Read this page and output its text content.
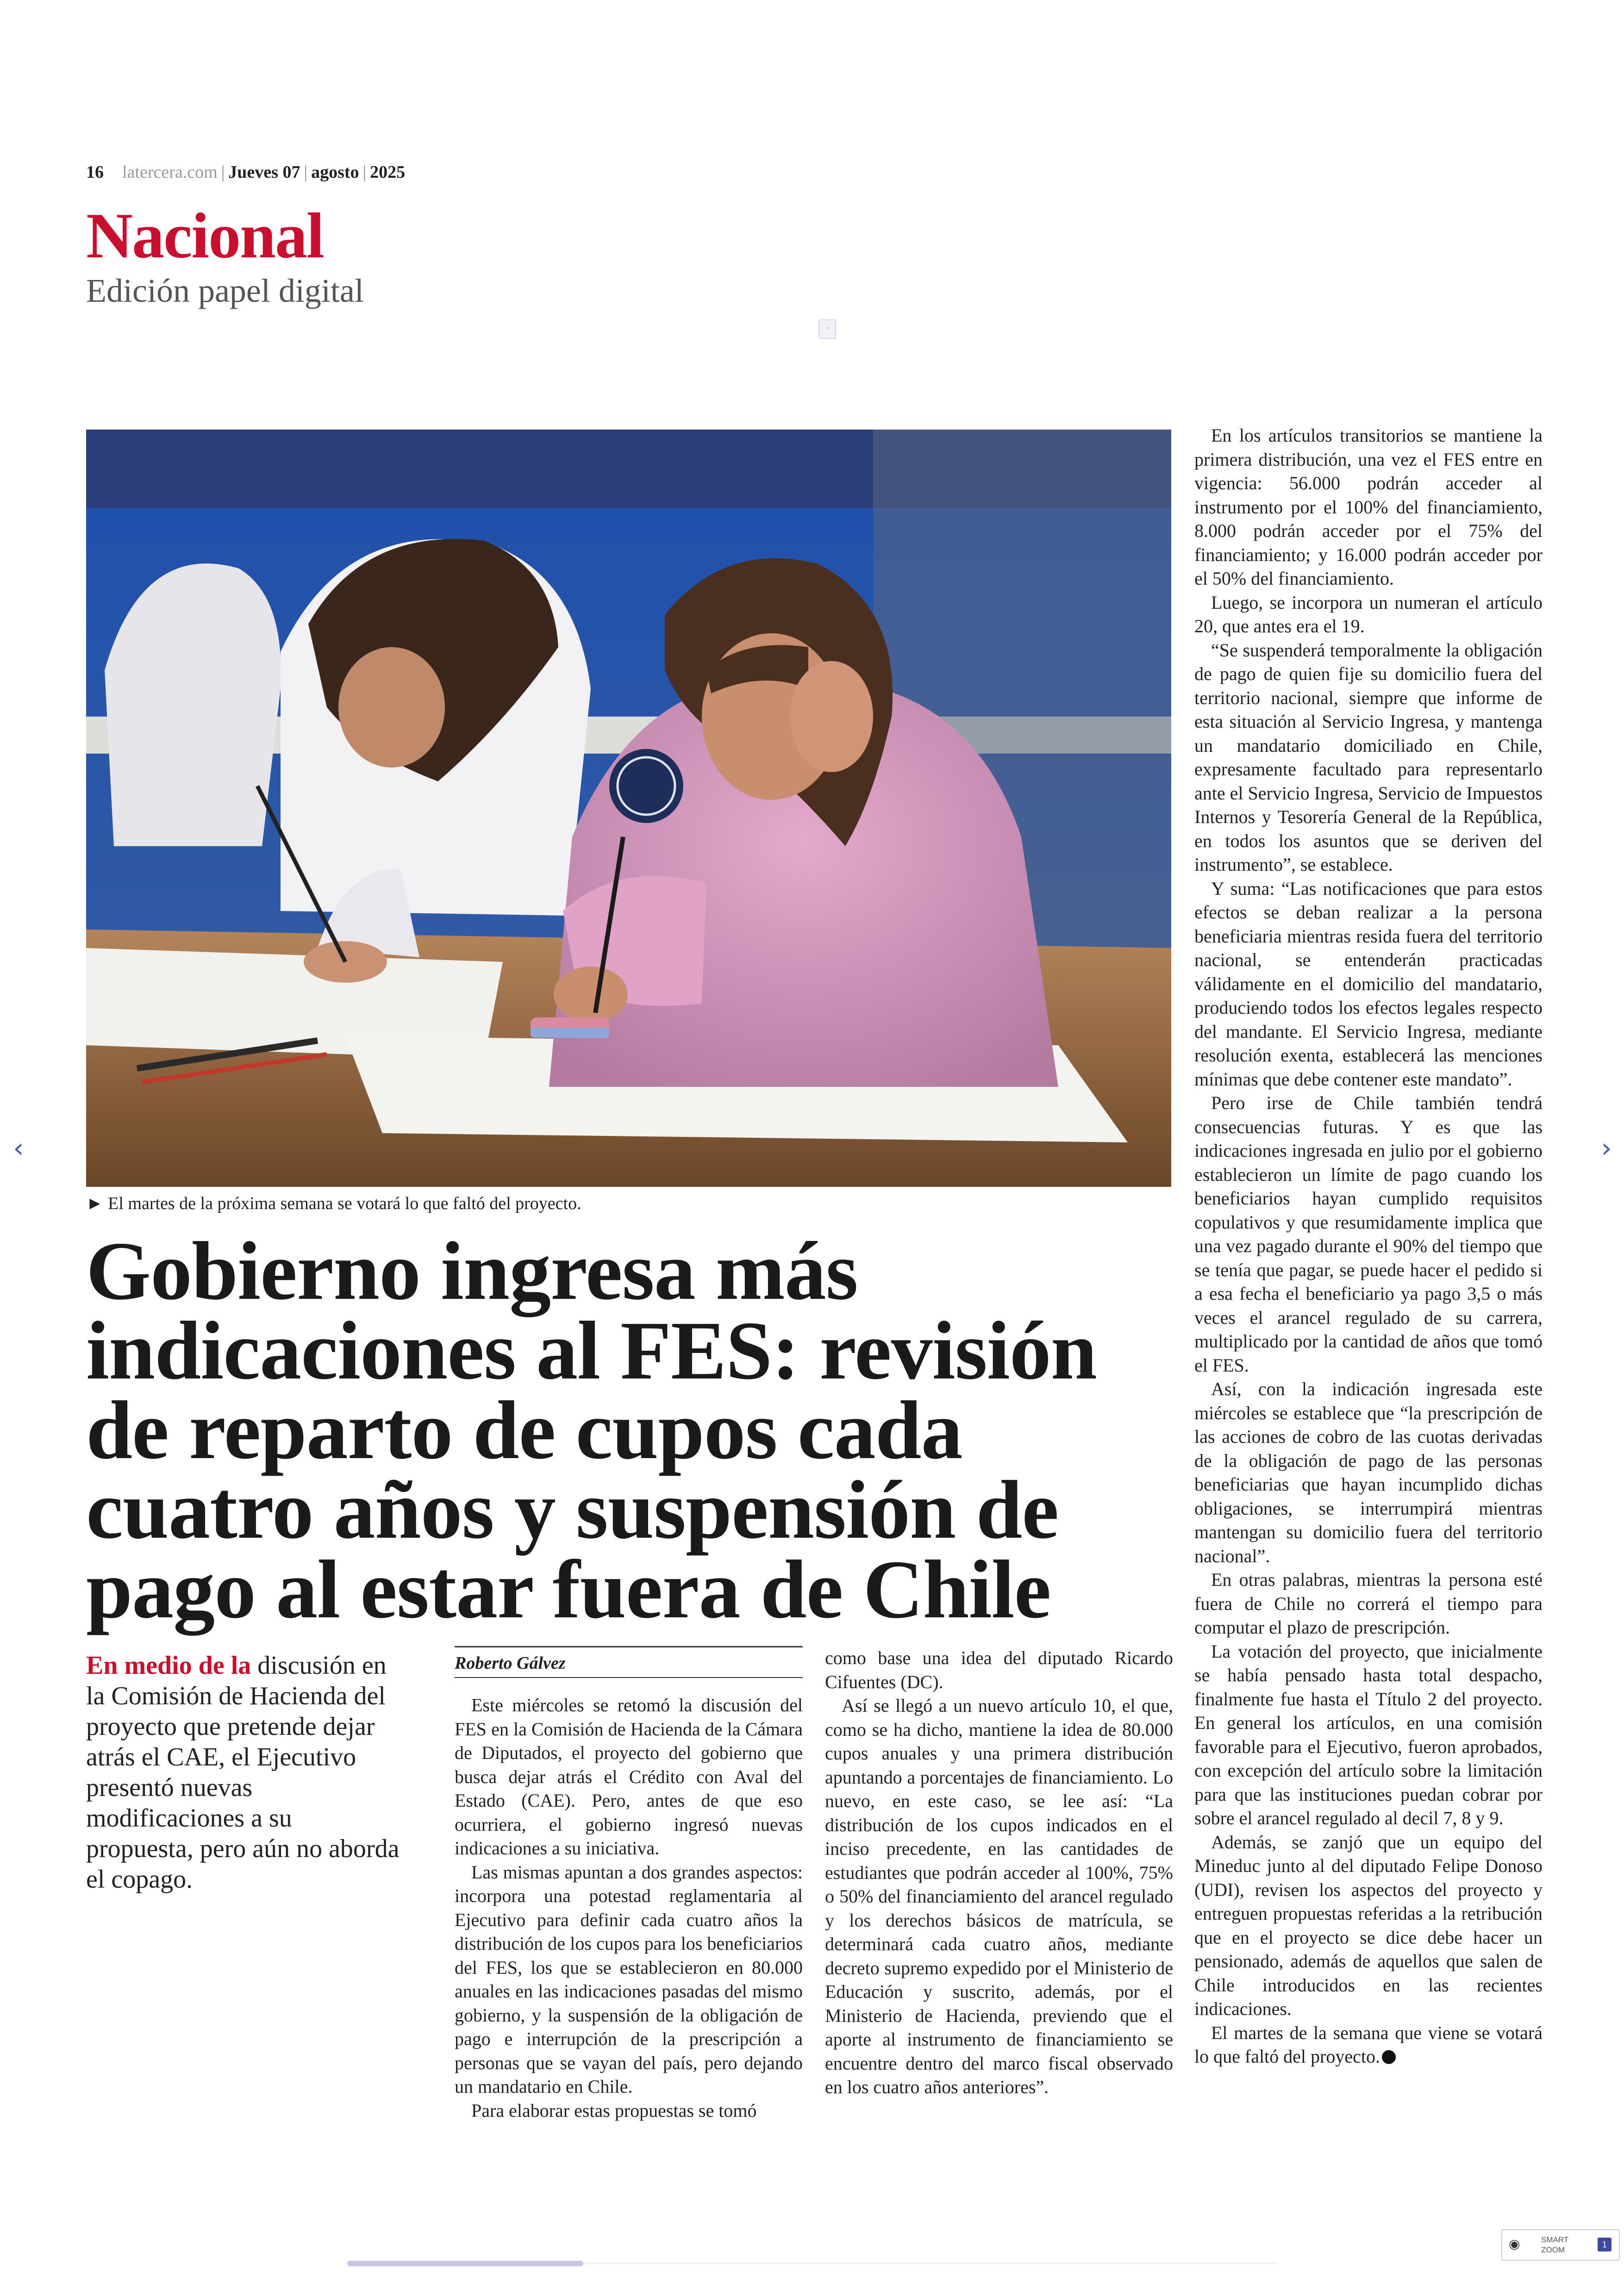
16 latercera.com | Jueves 07 | agosto | 2025
Nacional
Edición papel digital
▫
► El martes de la próxima semana se votará lo que faltó del proyecto.
Gobierno ingresa más indicaciones al FES: revisión de reparto de cupos cada cuatro años y suspensión de pago al estar fuera de Chile

En medio de la discusión en la Comisión de Hacienda del proyecto que pretende dejar atrás el CAE, el Ejecutivo presentó nuevas modificaciones a su propuesta, pero aún no aborda el copago.

Roberto Gálvez

Este miércoles se retomó la discusión del FES en la Comisión de Hacienda de la Cámara de Diputados, el proyecto del gobierno que busca dejar atrás el Crédito con Aval del Estado (CAE). Pero, antes de que eso ocurriera, el gobierno ingresó nuevas indicaciones a su iniciativa.

Las mismas apuntan a dos grandes aspectos: incorpora una potestad reglamentaria al Ejecutivo para definir cada cuatro años la distribución de los cupos para los beneficiarios del FES, los que se establecieron en 80.000 anuales en las indicaciones pasadas del mismo gobierno, y la suspensión de la obligación de pago e interrupción de la prescripción a personas que se vayan del país, pero dejando un mandatario en Chile.

Para elaborar estas propuestas se tomó

como base una idea del diputado Ricardo Cifuentes (DC).

Así se llegó a un nuevo artículo 10, el que, como se ha dicho, mantiene la idea de 80.000 cupos anuales y una primera distribución apuntando a porcentajes de financiamiento. Lo nuevo, en este caso, se lee así: “La distribución de los cupos indicados en el inciso precedente, en las cantidades de estudiantes que podrán acceder al 100%, 75% o 50% del financiamiento del arancel regulado y los derechos básicos de matrícula, se determinará cada cuatro años, mediante decreto supremo expedido por el Ministerio de Educación y suscrito, además, por el Ministerio de Hacienda, previendo que el aporte al instrumento de financiamiento se encuentre dentro del marco fiscal observado en los cuatro años anteriores”.

En los artículos transitorios se mantiene la primera distribución, una vez el FES entre en vigencia: 56.000 podrán acceder al instrumento por el 100% del financiamiento, 8.000 podrán acceder por el 75% del financiamiento; y 16.000 podrán acceder por el 50% del financiamiento.

Luego, se incorpora un numeran el artículo 20, que antes era el 19.

“Se suspenderá temporalmente la obligación de pago de quien fije su domicilio fuera del territorio nacional, siempre que informe de esta situación al Servicio Ingresa, y mantenga un mandatario domiciliado en Chile, expresamente facultado para representarlo ante el Servicio Ingresa, Servicio de Impuestos Internos y Tesorería General de la República, en todos los asuntos que se deriven del instrumento”, se establece.

Y suma: “Las notificaciones que para estos efectos se deban realizar a la persona beneficiaria mientras resida fuera del territorio nacional, se entenderán practicadas válidamente en el domicilio del mandatario, produciendo todos los efectos legales respecto del mandante. El Servicio Ingresa, mediante resolución exenta, establecerá las menciones mínimas que debe contener este mandato”.

Pero irse de Chile también tendrá consecuencias futuras. Y es que las indicaciones ingresada en julio por el gobierno establecieron un límite de pago cuando los beneficiarios hayan cumplido requisitos copulativos y que resumidamente implica que una vez pagado durante el 90% del tiempo que se tenía que pagar, se puede hacer el pedido si a esa fecha el beneficiario ya pago 3,5 o más veces el arancel regulado de su carrera, multiplicado por la cantidad de años que tomó el FES.

Así, con la indicación ingresada este miércoles se establece que “la prescripción de las acciones de cobro de las cuotas derivadas de la obligación de pago de las personas beneficiarias que hayan incumplido dichas obligaciones, se interrumpirá mientras mantengan su domicilio fuera del territorio nacional”.

En otras palabras, mientras la persona esté fuera de Chile no correrá el tiempo para computar el plazo de prescripción.

La votación del proyecto, que inicialmente se había pensado hasta total despacho, finalmente fue hasta el Título 2 del proyecto. En general los artículos, en una comisión favorable para el Ejecutivo, fueron aprobados, con excepción del artículo sobre la limitación para que las instituciones puedan cobrar por sobre el arancel regulado al decil 7, 8 y 9.

Además, se zanjó que un equipo del Mineduc junto al del diputado Felipe Donoso (UDI), revisen los aspectos del proyecto y entreguen propuestas referidas a la retribución que en el proyecto se dice debe hacer un pensionado, además de aquellos que salen de Chile introducidos en las recientes indicaciones.

El martes de la semana que viene se votará lo que faltó del proyecto.

‹	›
◉	SMART ZOOM
1
